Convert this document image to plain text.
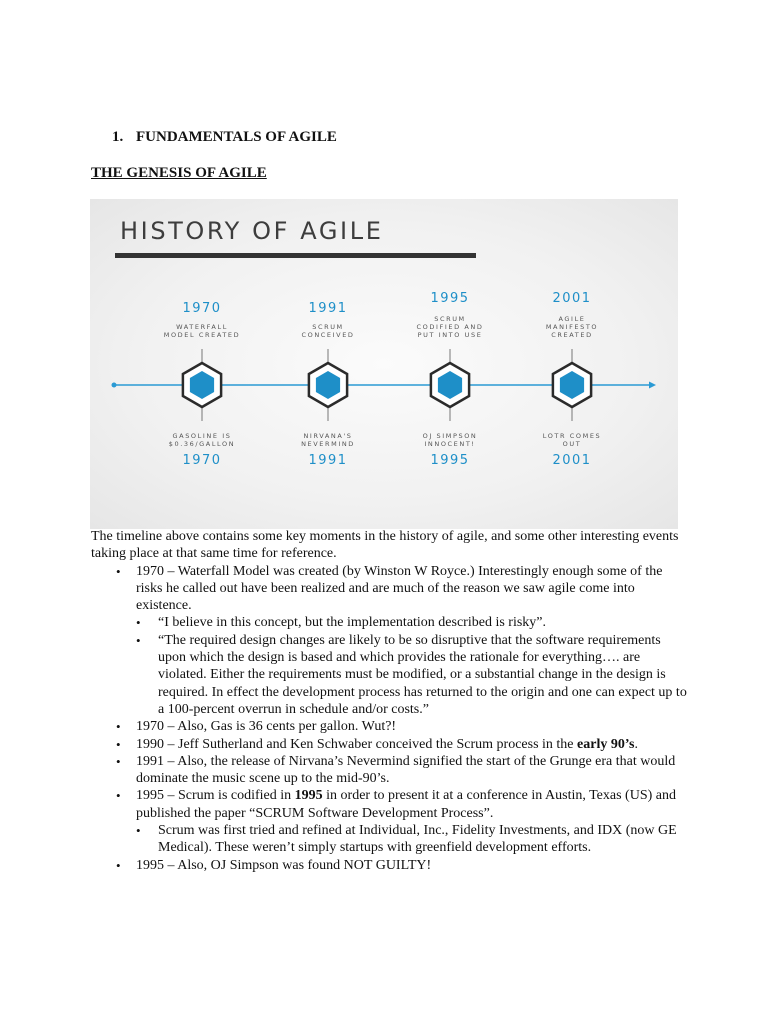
1. FUNDAMENTALS OF AGILE
THE GENESIS OF AGILE
HISTORY OF AGILE
1970
WATERFALL
MODEL CREATED
1991
SCRUM
CONCEIVED
1995
SCRUM
CODIFIED AND
PUT INTO USE
2001
AGILE
MANIFESTO
CREATED
GASOLINE IS
$0.36/GALLON
1970
NIRVANA'S
NEVERMIND
1991
OJ SIMPSON
INNOCENT!
1995
LOTR COMES
OUT
2001

The timeline above contains some key moments in the history of agile, and some other interesting events taking place at that same time for reference.

• 1970 – Waterfall Model was created (by Winston W Royce.) Interestingly enough some of the risks he called out have been realized and are much of the reason we saw agile come into existence.
• “I believe in this concept, but the implementation described is risky”.
• “The required design changes are likely to be so disruptive that the software requirements upon which the design is based and which provides the rationale for everything…. are violated. Either the requirements must be modified, or a substantial change in the design is required. In effect the development process has returned to the origin and one can expect up to a 100-percent overrun in schedule and/or costs.”
• 1970 – Also, Gas is 36 cents per gallon. Wut?!
• 1990 – Jeff Sutherland and Ken Schwaber conceived the Scrum process in the early 90’s.
• 1991 – Also, the release of Nirvana’s Nevermind signified the start of the Grunge era that would dominate the music scene up to the mid-90’s.
• 1995 – Scrum is codified in 1995 in order to present it at a conference in Austin, Texas (US) and published the paper “SCRUM Software Development Process”.
• Scrum was first tried and refined at Individual, Inc., Fidelity Investments, and IDX (now GE Medical). These weren’t simply startups with greenfield development efforts.
• 1995 – Also, OJ Simpson was found NOT GUILTY!
